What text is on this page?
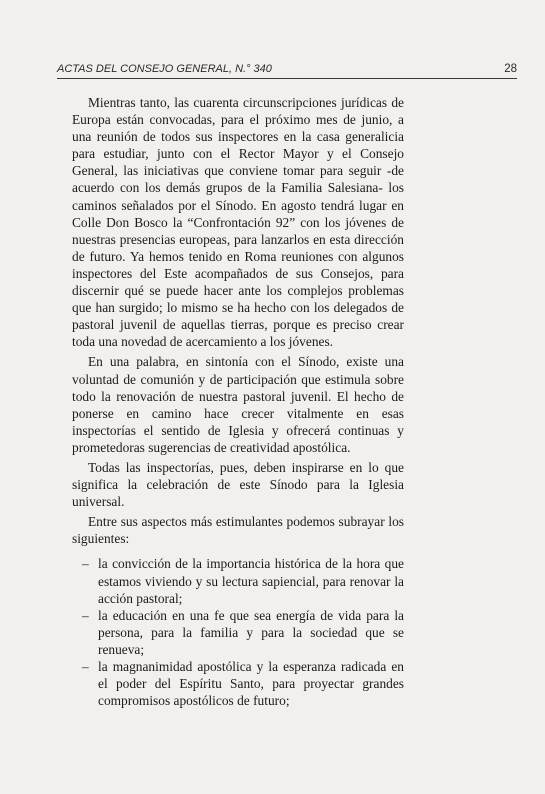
ACTAS DEL CONSEJO GENERAL, N.° 340	28

Mientras tanto, las cuarenta circunscripciones jurídicas de Europa están convocadas, para el próximo mes de junio, a una reunión de todos sus inspectores en la casa generalicia para estudiar, junto con el Rector Mayor y el Consejo General, las iniciativas que conviene tomar para seguir -de acuerdo con los demás grupos de la Familia Salesiana- los caminos señalados por el Sínodo. En agosto tendrá lugar en Colle Don Bosco la “Confrontación 92” con los jóvenes de nuestras presencias europeas, para lanzarlos en esta dirección de futuro. Ya hemos tenido en Roma reuniones con algunos inspectores del Este acompañados de sus Consejos, para discernir qué se puede hacer ante los complejos problemas que han surgido; lo mismo se ha hecho con los delegados de pastoral juvenil de aquellas tierras, porque es preciso crear toda una novedad de acercamiento a los jóvenes.

En una palabra, en sintonía con el Sínodo, existe una voluntad de comunión y de participación que estimula sobre todo la renovación de nuestra pastoral juvenil. El hecho de ponerse en camino hace crecer vitalmente en esas inspectorías el sentido de Iglesia y ofrecerá continuas y prometedoras sugerencias de creatividad apostólica.

Todas las inspectorías, pues, deben inspirarse en lo que significa la celebración de este Sínodo para la Iglesia universal.

Entre sus aspectos más estimulantes podemos subrayar los siguientes:

– la convicción de la importancia histórica de la hora que estamos viviendo y su lectura sapiencial, para renovar la acción pastoral;
– la educación en una fe que sea energía de vida para la persona, para la familia y para la sociedad que se renueva;
– la magnanimidad apostólica y la esperanza radicada en el poder del Espíritu Santo, para proyectar grandes compromisos apostólicos de futuro;
